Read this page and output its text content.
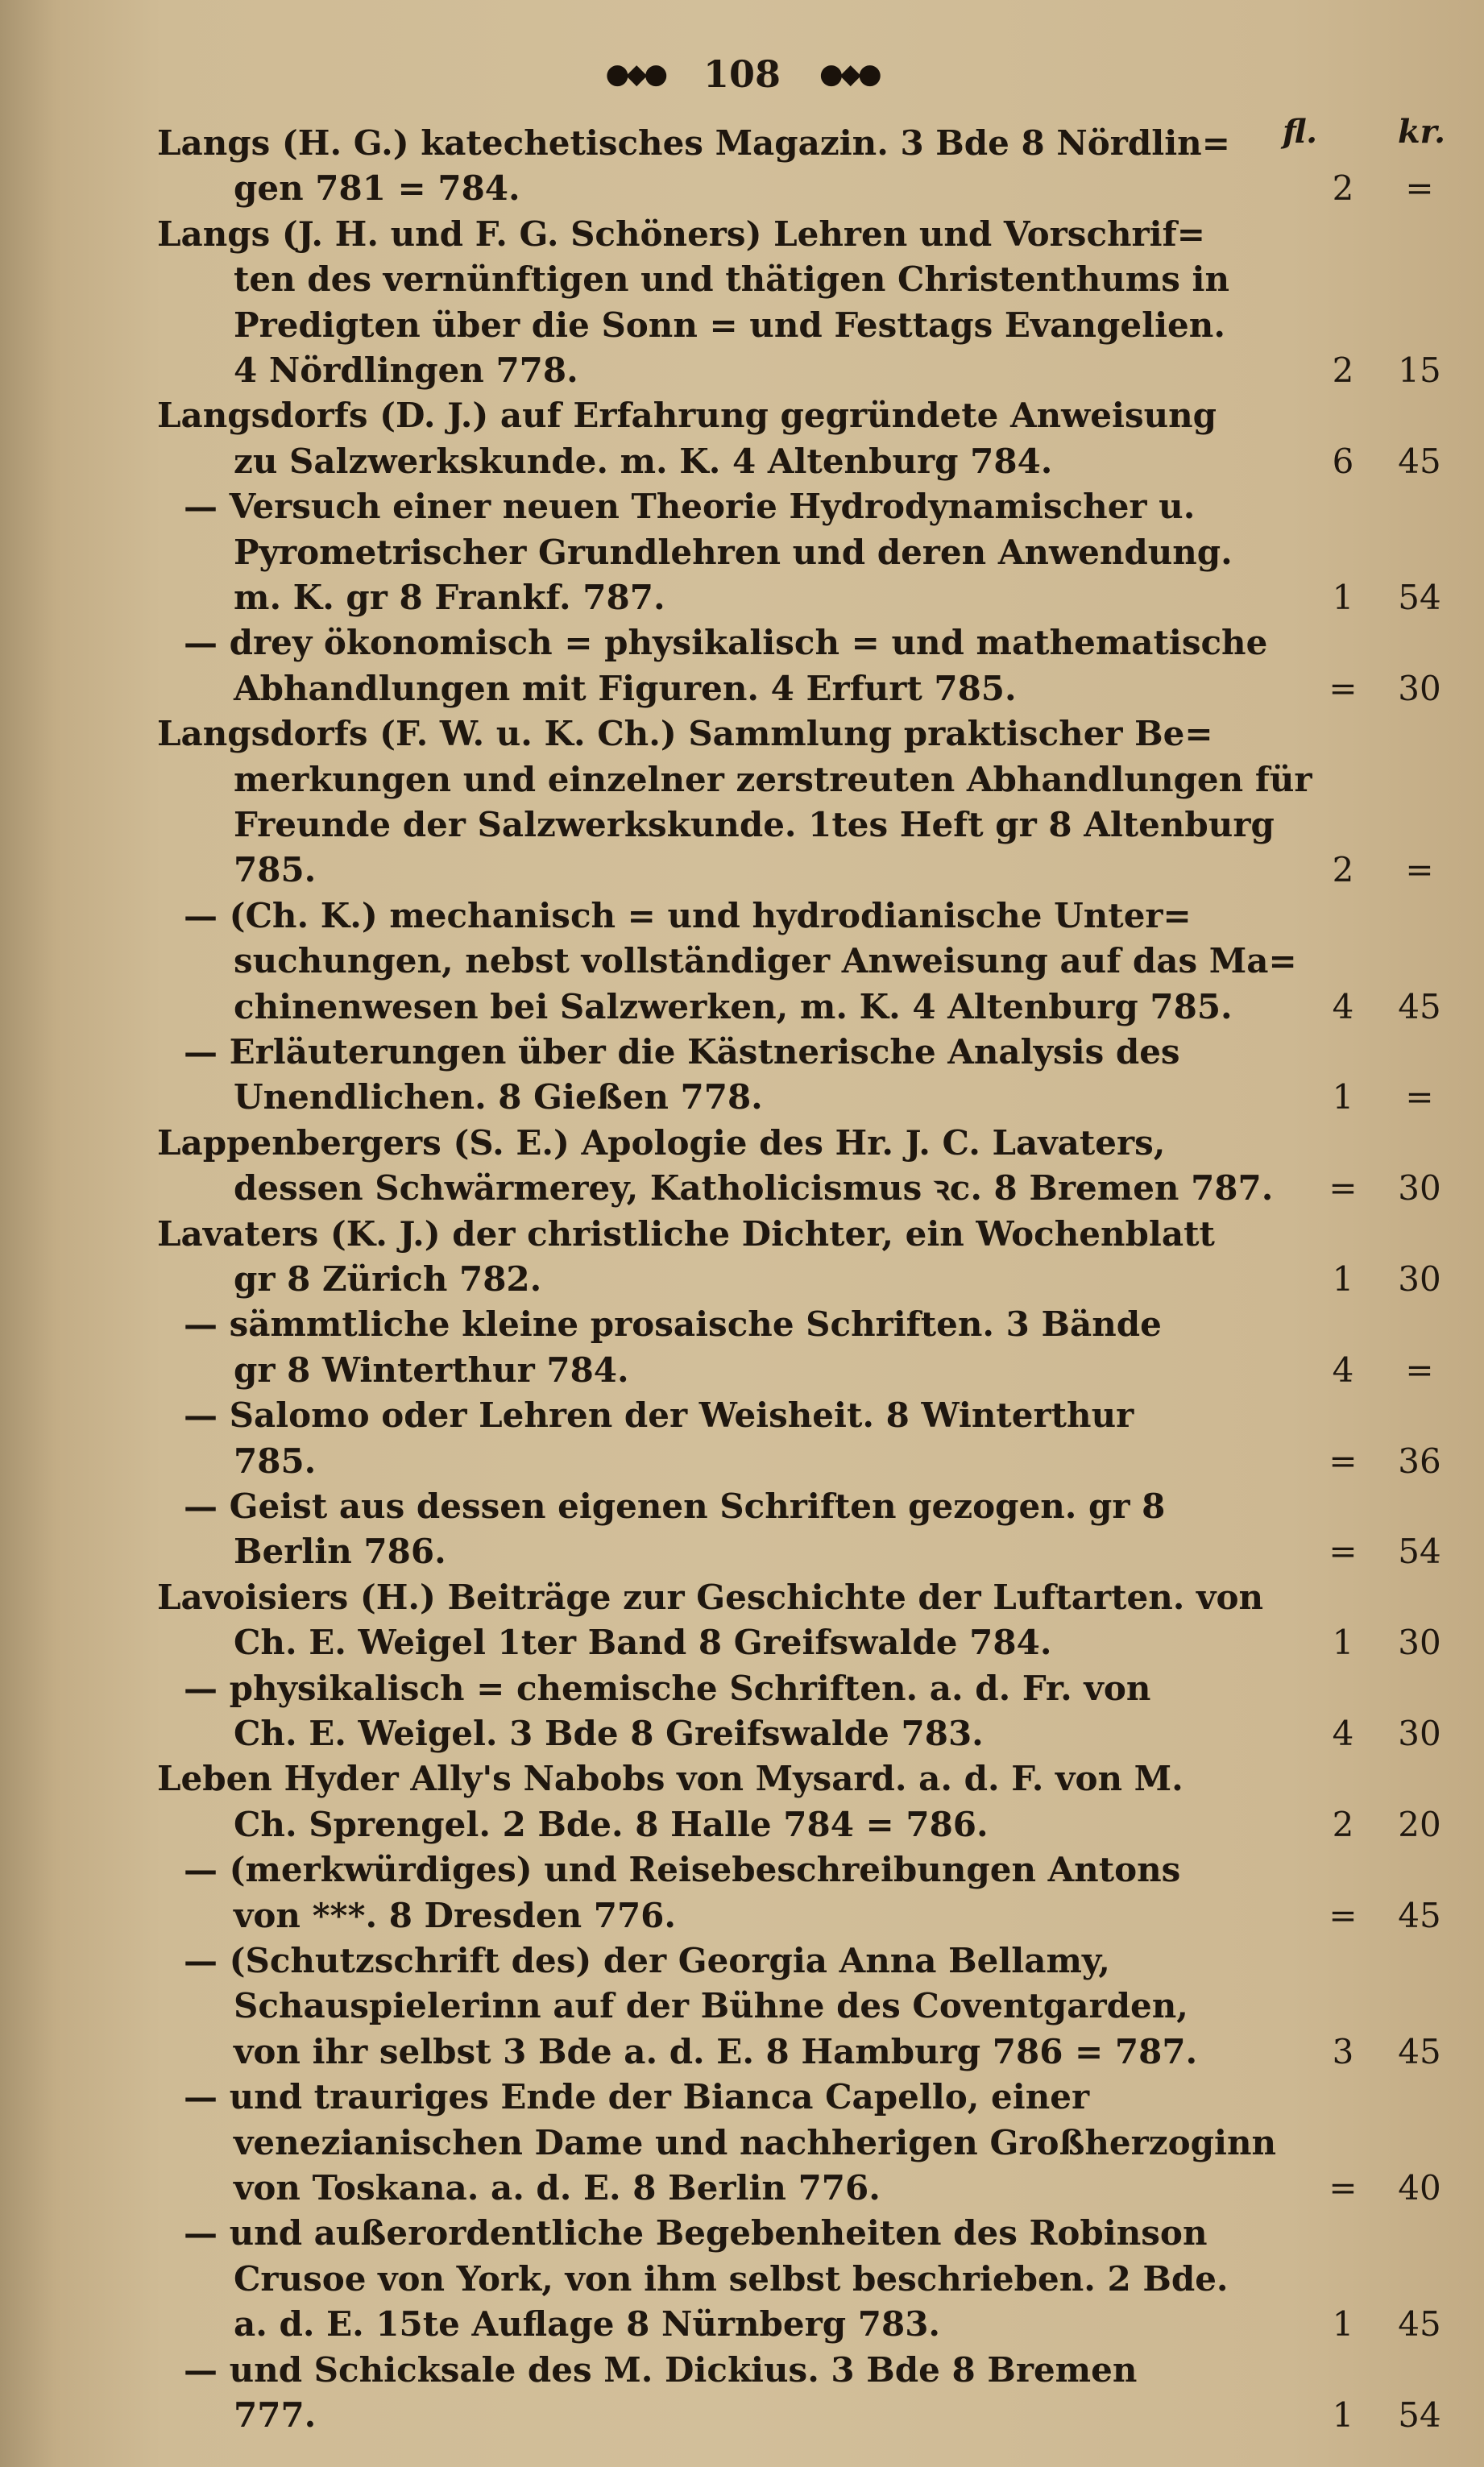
●◆● 108 ●◆●
fl. kr.
Langs (H. G.) katechetisches Magazin. 3 Bde 8 Nördlin=
gen 781 = 784.	2	=
Langs (J. H. und F. G. Schöners) Lehren und Vorschrif=
ten des vernünftigen und thätigen Christenthums in
Predigten über die Sonn = und Festtags Evangelien.
4 Nördlingen 778.	2	15
Langsdorfs (D. J.) auf Erfahrung gegründete Anweisung
zu Salzwerkskunde. m. K. 4 Altenburg 784.	6	45
— Versuch einer neuen Theorie Hydrodynamischer u.
Pyrometrischer Grundlehren und deren Anwendung.
m. K. gr 8 Frankf. 787.	1	54
— drey ökonomisch = physikalisch = und mathematische
Abhandlungen mit Figuren. 4 Erfurt 785.	=	30
Langsdorfs (F. W. u. K. Ch.) Sammlung praktischer Be=
merkungen und einzelner zerstreuten Abhandlungen für
Freunde der Salzwerkskunde. 1tes Heft gr 8 Altenburg
785.	2	=
— (Ch. K.) mechanisch = und hydrodianische Unter=
suchungen, nebst vollständiger Anweisung auf das Ma=
chinenwesen bei Salzwerken, m. K. 4 Altenburg 785.	4	45
— Erläuterungen über die Kästnerische Analysis des
Unendlichen. 8 Gießen 778.	1	=
Lappenbergers (S. E.) Apologie des Hr. J. C. Lavaters,
dessen Schwärmerey, Katholicismus ꝛc. 8 Bremen 787.	=	30
Lavaters (K. J.) der christliche Dichter, ein Wochenblatt
gr 8 Zürich 782.	1	30
— sämmtliche kleine prosaische Schriften. 3 Bände
gr 8 Winterthur 784.	4	=
— Salomo oder Lehren der Weisheit. 8 Winterthur
785.	=	36
— Geist aus dessen eigenen Schriften gezogen. gr 8
Berlin 786.	=	54
Lavoisiers (H.) Beiträge zur Geschichte der Luftarten. von
Ch. E. Weigel 1ter Band 8 Greifswalde 784.	1	30
— physikalisch = chemische Schriften. a. d. Fr. von
Ch. E. Weigel. 3 Bde 8 Greifswalde 783.	4	30
Leben Hyder Ally's Nabobs von Mysard. a. d. F. von M.
Ch. Sprengel. 2 Bde. 8 Halle 784 = 786.	2	20
— (merkwürdiges) und Reisebeschreibungen Antons
von ***. 8 Dresden 776.	=	45
— (Schutzschrift des) der Georgia Anna Bellamy,
Schauspielerinn auf der Bühne des Coventgarden,
von ihr selbst 3 Bde a. d. E. 8 Hamburg 786 = 787.	3	45
— und trauriges Ende der Bianca Capello, einer
venezianischen Dame und nachherigen Großherzoginn
von Toskana. a. d. E. 8 Berlin 776.	=	40
— und außerordentliche Begebenheiten des Robinson
Crusoe von York, von ihm selbst beschrieben. 2 Bde.
a. d. E. 15te Auflage 8 Nürnberg 783.	1	45
— und Schicksale des M. Dickius. 3 Bde 8 Bremen
777.	1	54
